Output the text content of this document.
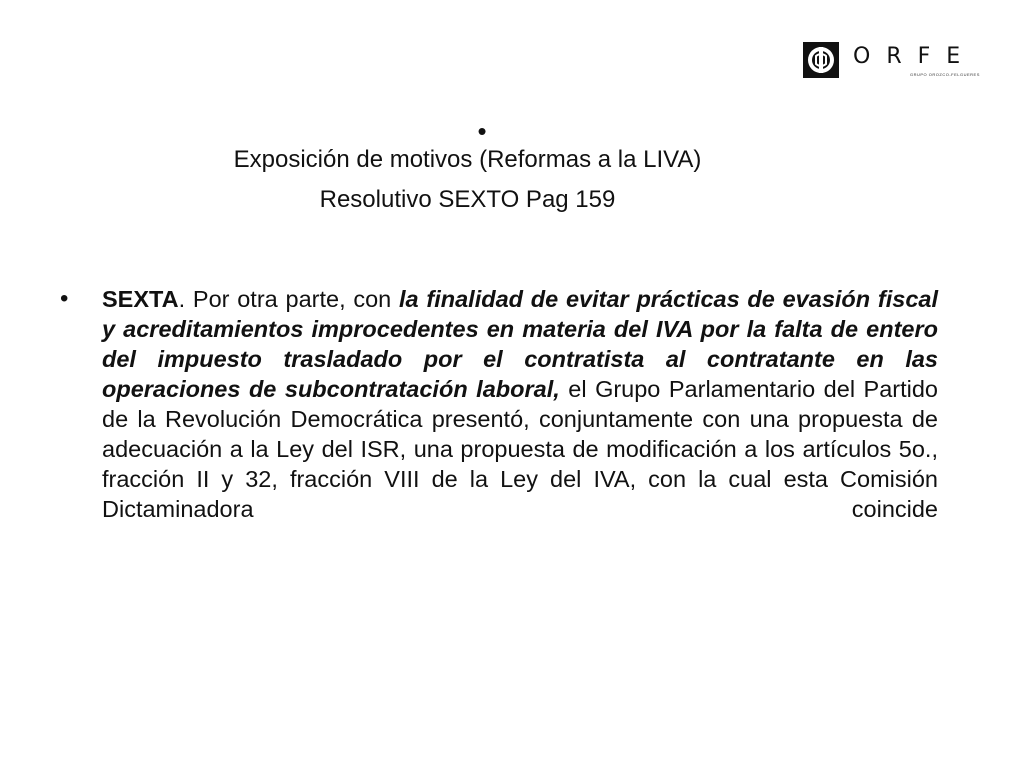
ORFE
GRUPO OROZCO-FELGUERES
•
Exposición de motivos (Reformas a la LIVA)
Resolutivo SEXTO Pag 159
• SEXTA. Por otra parte, con la finalidad de evitar prácticas de evasión fiscal y acreditamientos improcedentes en materia del IVA por la falta de entero del impuesto trasladado por el contratista al contratante en las operaciones de subcontratación laboral, el Grupo Parlamentario del Partido de la Revolución Democrática presentó, conjuntamente con una propuesta de adecuación a la Ley del ISR, una propuesta de modificación a los artículos 5o., fracción II y 32, fracción VIII de la Ley del IVA, con la cual esta Comisión Dictaminadora coincide
